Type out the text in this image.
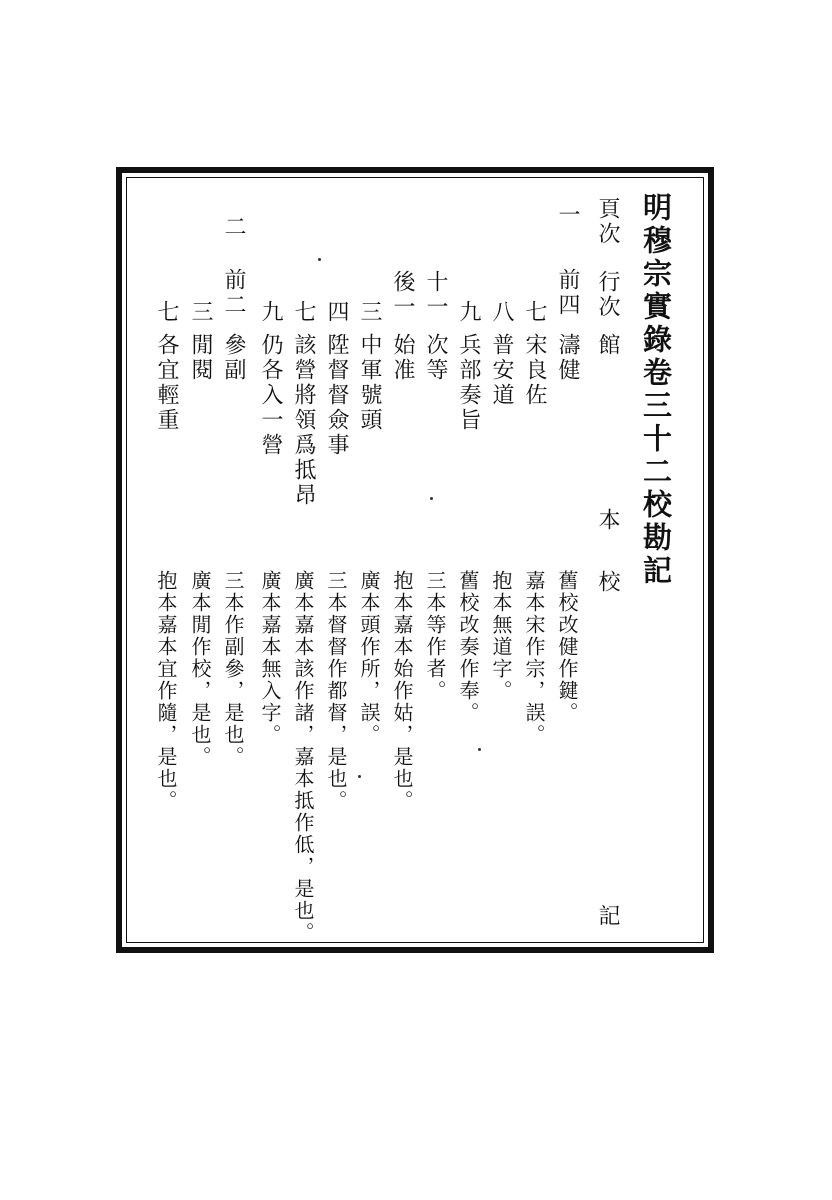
明穆宗實錄卷三十二校勘記
頁次
行次
館
本
校
記
一
前四
濤健
舊校改健作鍵。
七
宋良佐
嘉本宋作宗，誤。
八
普安道
抱本無道字。
九
兵部奏旨
舊校改奏作奉。
十一
次等
三本等作者。
後一
始准
抱本嘉本始作姑，是也。
三
中軍號頭
廣本頭作所，誤。
四
陞督督僉事
三本督督作都督，是也。
七
該營將領爲抵昂
廣本嘉本該作諸，嘉本抵作低，是也。
九
仍各入一營
廣本嘉本無入字。
二
前二
參副
三本作副參，是也。
三
閒閱
廣本閒作校，是也。
七
各宜輕重
抱本嘉本宜作隨，是也。
